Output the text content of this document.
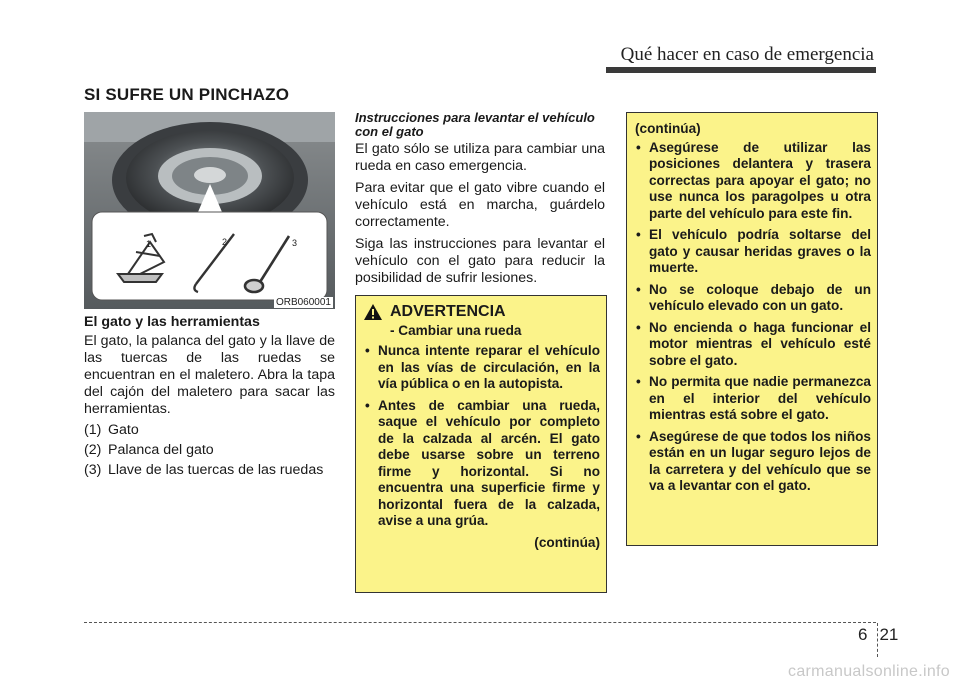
Qué hacer en caso de emergencia
SI SUFRE UN PINCHAZO
1	2	3
ORB060001
El gato y las herramientas

El gato, la palanca del gato y la llave de las tuercas de las ruedas se encuentran en el maletero. Abra la tapa del cajón del maletero para sacar las herramientas.

(1) Gato
(2) Palanca del gato
(3) Llave de las tuercas de las ruedas
Instrucciones para levantar el vehículo con el gato

El gato sólo se utiliza para cambiar una rueda en caso emergencia.

Para evitar que el gato vibre cuando el vehículo está en marcha, guárdelo correctamente.

Siga las instrucciones para levantar el vehículo con el gato para reducir la posibilidad de sufrir lesiones.

ADVERTENCIA
- Cambiar una rueda
• Nunca intente reparar el vehículo en las vías de circulación, en la vía pública o en la autopista.
• Antes de cambiar una rueda, saque el vehículo por completo de la calzada al arcén. El gato debe usarse sobre un terreno firme y horizontal. Si no encuentra una superficie firme y horizontal fuera de la calzada, avise a una grúa.
(continúa)
(continúa)
• Asegúrese de utilizar las posiciones delantera y trasera correctas para apoyar el gato; no use nunca los paragolpes u otra parte del vehículo para este fin.
• El vehículo podría soltarse del gato y causar heridas graves o la muerte.
• No se coloque debajo de un vehículo elevado con un gato.
• No encienda o haga funcionar el motor mientras el vehículo esté sobre el gato.
• No permita que nadie permanezca en el interior del vehículo mientras está sobre el gato.
• Asegúrese de que todos los niños están en un lugar seguro lejos de la carretera y del vehículo que se va a levantar con el gato.
6 21
carmanualsonline.info
